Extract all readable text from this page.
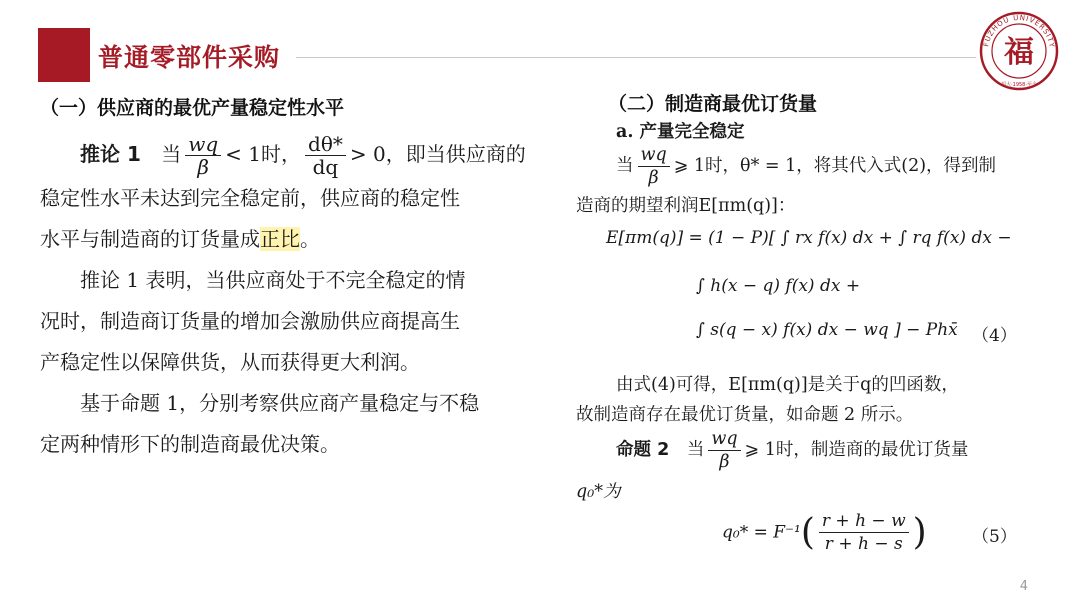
普通零部件采购	FUZHOU UNIVERSITY
福
福大·1958·至今
（一）供应商的最优产量稳定性水平
推论 1 当 $\frac{wq}{\beta} < 1$时， $\frac{d\theta*}{dq} > 0$，即当供应商的
稳定性水平未达到完全稳定前，供应商的稳定性
水平与制造商的订货量成正比。
推论 1 表明，当供应商处于不完全稳定的情
况时，制造商订货量的增加会激励供应商提高生
产稳定性以保障供货，从而获得更大利润。
基于命题 1，分别考察供应商产量稳定与不稳
定两种情形下的制造商最优决策。
（二）制造商最优订货量
a. 产量完全稳定
当 $\frac{wq}{\beta}$ ⩾ 1时，θ* = 1，将其代入式(2)，得到制
造商的期望利润E[πm(q)]：
E[πm(q)] = (1 − P)[ ∫ rx f(x) dx + ∫ rq f(x) dx −
∫ h(x − q) f(x) dx +
∫ s(q − x) f(x) dx − wq ] − Phx̄ （4）
由式(4)可得，E[πm(q)]是关于q的凹函数，
故制造商存在最优订货量，如命题 2 所示。
命题 2 当 $\frac{wq}{\beta}$ ⩾ 1时，制造商的最优订货量
q₀*为
$q_0* = F^{-1}( \frac{r + h - w}{r + h - s}$ )	（5）
4
